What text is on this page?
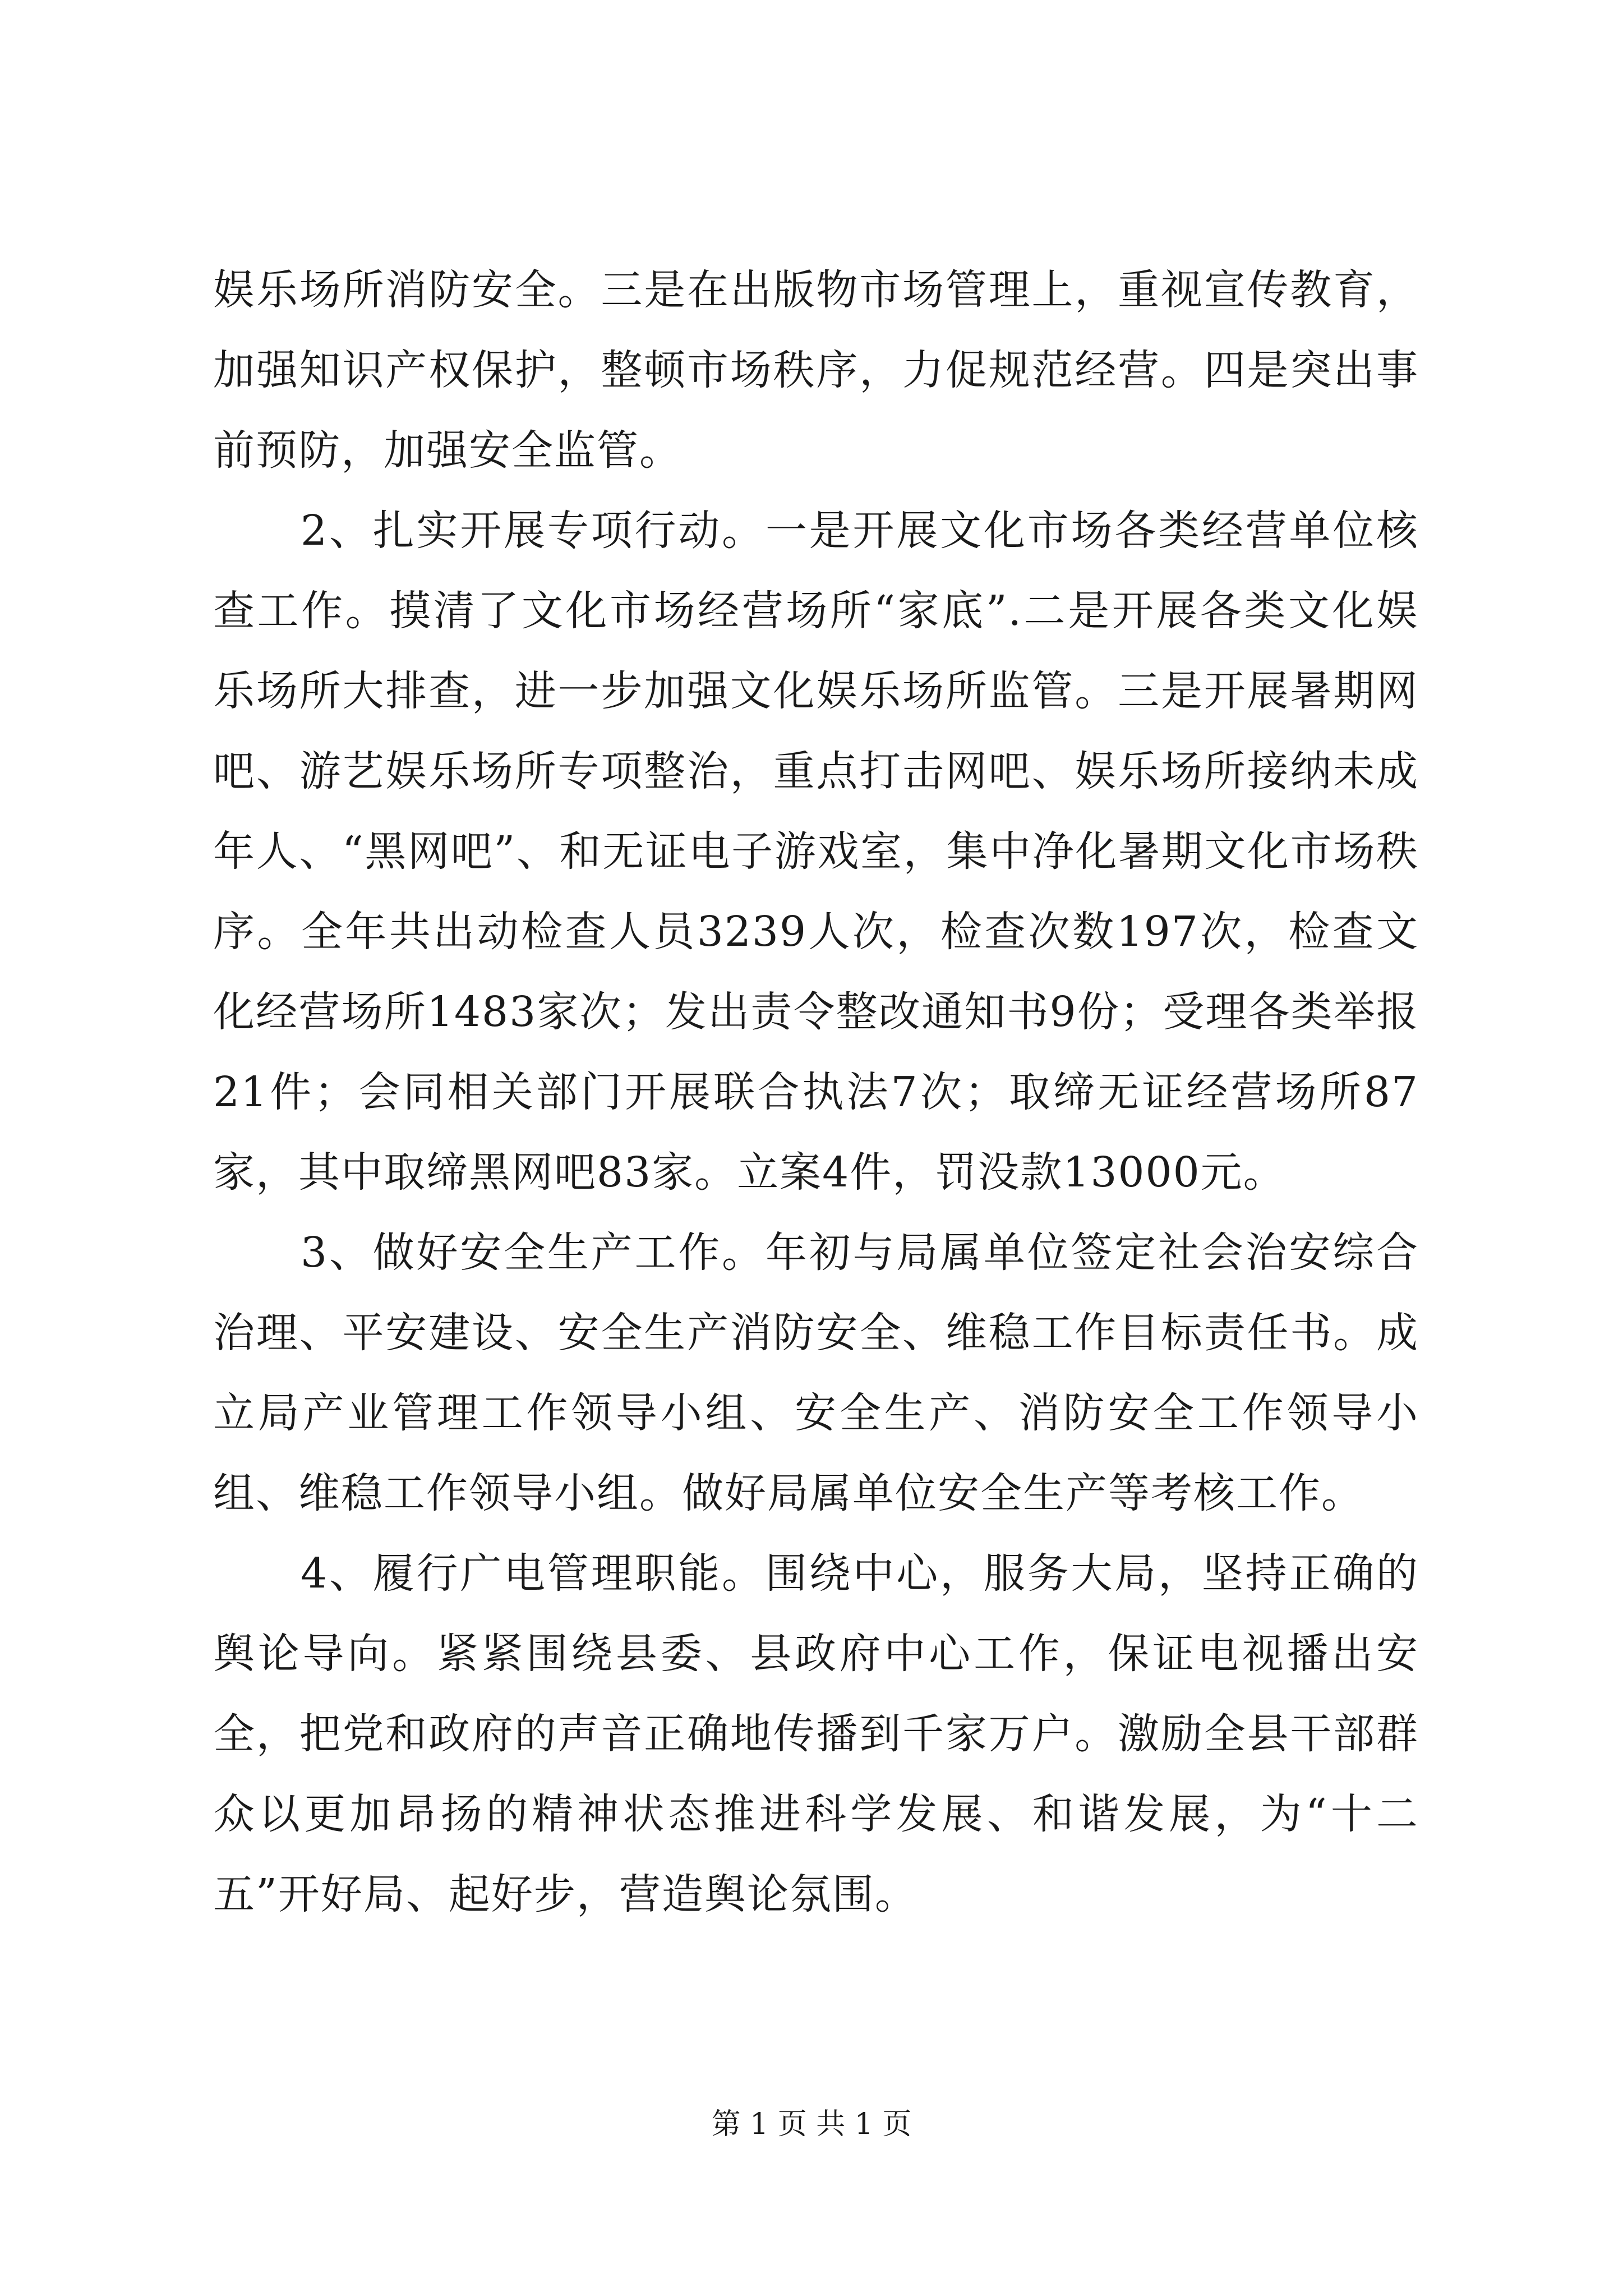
娱乐场所消防安全。三是在出版物市场管理上，重视宣传教育，加强知识产权保护，整顿市场秩序，力促规范经营。四是突出事前预防，加强安全监管。

2、扎实开展专项行动。一是开展文化市场各类经营单位核查工作。摸清了文化市场经营场所“家底”.二是开展各类文化娱乐场所大排查，进一步加强文化娱乐场所监管。三是开展暑期网吧、游艺娱乐场所专项整治，重点打击网吧、娱乐场所接纳未成年人、“黑网吧”、和无证电子游戏室，集中净化暑期文化市场秩序。全年共出动检查人员3239人次，检查次数197次，检查文化经营场所1483家次；发出责令整改通知书9份；受理各类举报21件；会同相关部门开展联合执法7次；取缔无证经营场所87家，其中取缔黑网吧83家。立案4件，罚没款13000元。

3、做好安全生产工作。年初与局属单位签定社会治安综合治理、平安建设、安全生产消防安全、维稳工作目标责任书。成立局产业管理工作领导小组、安全生产、消防安全工作领导小组、维稳工作领导小组。做好局属单位安全生产等考核工作。

4、履行广电管理职能。围绕中心，服务大局，坚持正确的舆论导向。紧紧围绕县委、县政府中心工作，保证电视播出安全，把党和政府的声音正确地传播到千家万户。激励全县干部群众以更加昂扬的精神状态推进科学发展、和谐发展，为“十二五”开好局、起好步，营造舆论氛围。

第 1 页 共 1 页
